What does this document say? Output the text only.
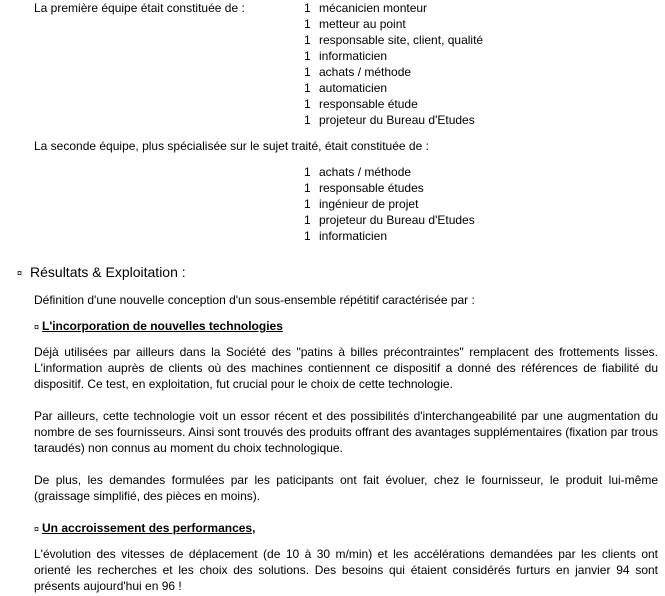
La première équipe était constituée de :	1 mécanicien monteur
1 metteur au point
1 responsable site, client, qualité
1 informaticien
1 achats / méthode
1 automaticien
1 responsable étude
1 projeteur du Bureau d'Etudes
La seconde équipe, plus spécialisée sur le sujet traité, était constituée de :
1 achats / méthode
1 responsable études
1 ingénieur de projet
1 projeteur du Bureau d'Etudes
1 informaticien
¤ Résultats & Exploitation :
Définition d'une nouvelle conception d'un sous-ensemble répétitif caractérisée par :
¤ L'incorporation de nouvelles technologies
Déjà utilisées par ailleurs dans la Société des "patins à billes précontraintes" remplacent des frottements lisses. L'information auprès de clients où des machines contiennent ce dispositif a donné des références de fiabilité du dispositif. Ce test, en exploitation, fut crucial pour le choix de cette technologie.
Par ailleurs, cette technologie voit un essor récent et des possibilités d'interchangeabilité par une augmentation du nombre de ses fournisseurs. Ainsi sont trouvés des produits offrant des avantages supplémentaires (fixation par trous taraudés) non connus au moment du choix technologique.
De plus, les demandes formulées par les paticipants ont fait évoluer, chez le fournisseur, le produit lui-même (graissage simplifié, des pièces en moins).
¤ Un accroissement des performances,
L'évolution des vitesses de déplacement (de 10 à 30 m/min) et les accélérations demandées par les clients ont orienté les recherches et les choix des solutions. Des besoins qui étaient considérés furturs en janvier 94 sont présents aujourd'hui en 96 !
